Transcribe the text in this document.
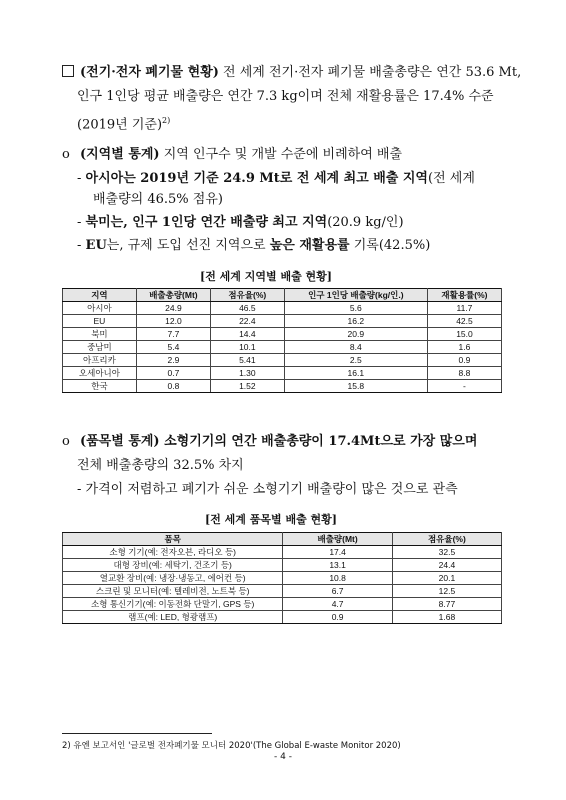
(전기·전자 폐기물 현황) 전 세계 전기·전자 폐기물 배출총량은 연간 53.6 Mt,
인구 1인당 평균 배출량은 연간 7.3 kg이며 전체 재활용률은 17.4% 수준
(2019년 기준)$^{2)}$
o (지역별 통계) 지역 인구수 및 개발 수준에 비례하여 배출
- 아시아는 2019년 기준 24.9 Mt로 전 세계 최고 배출 지역(전 세계
배출량의 46.5% 점유)
- 북미는, 인구 1인당 연간 배출량 최고 지역(20.9 kg/인)
- EU는, 규제 도입 선진 지역으로 높은 재활용률 기록(42.5%)
[전 세계 지역별 배출 현황]
지역	배출총량(Mt)	점유율(%)	인구 1인당 배출량(kg/인.)	재활용률(%)
아시아	24.9	46.5	5.6	11.7
EU	12.0	22.4	16.2	42.5
북미	7.7	14.4	20.9	15.0
중남미	5.4	10.1	8.4	1.6
아프리카	2.9	5.41	2.5	0.9
오세아니아	0.7	1.30	16.1	8.8
한국	0.8	1.52	15.8	-
o (품목별 통계) 소형기기의 연간 배출총량이 17.4Mt으로 가장 많으며
전체 배출총량의 32.5% 차지
- 가격이 저렴하고 폐기가 쉬운 소형기기 배출량이 많은 것으로 관측
[전 세계 품목별 배출 현황]
품목	배출량(Mt)	점유율(%)
소형 기기(예: 전자오븐, 라디오 등)	17.4	32.5
대형 장비(예: 세탁기, 건조기 등)	13.1	24.4
열교환 장비(예: 냉장·냉동고, 에어컨 등)	10.8	20.1
스크린 및 모니터(예: 텔레비전, 노트북 등)	6.7	12.5
소형 통신기기(예: 이동전화 단말기, GPS 등)	4.7	8.77
램프(예: LED, 형광램프)	0.9	1.68
2) 유엔 보고서인 '글로벌 전자폐기물 모니터 2020'(The Global E-waste Monitor 2020)
- 4 -
